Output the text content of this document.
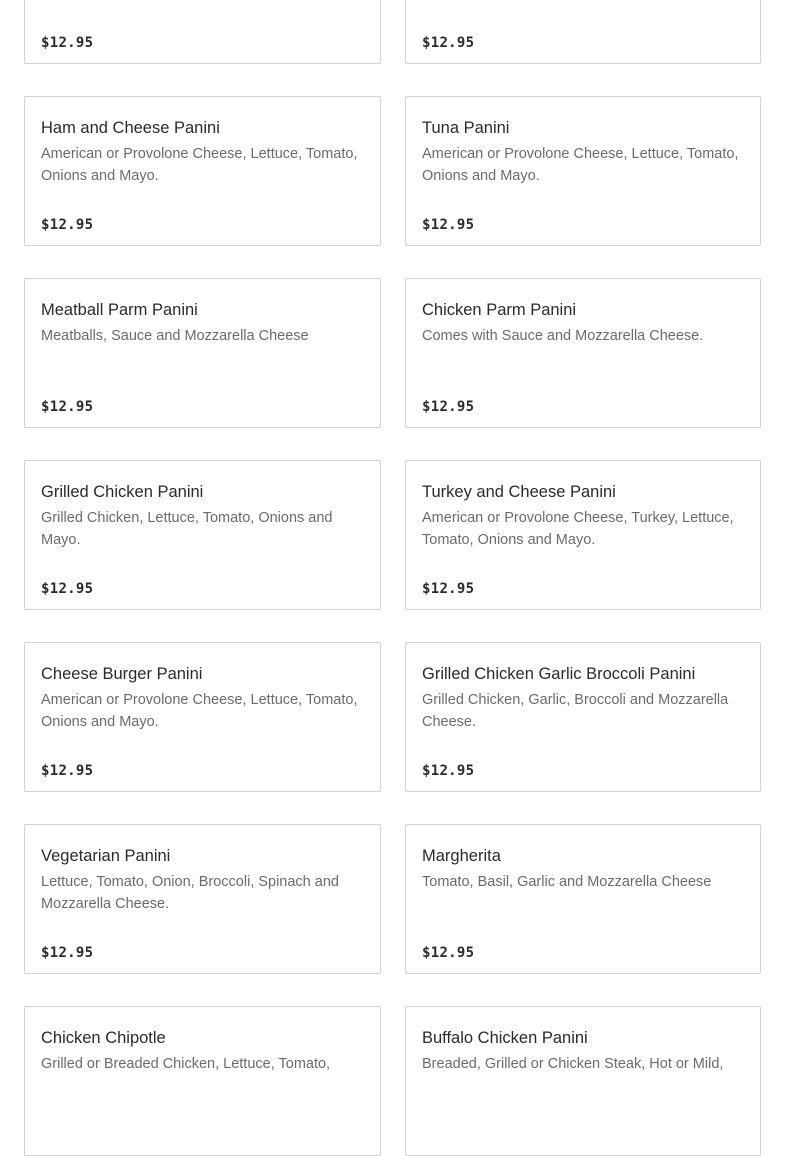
$12.95	$12.95
Ham and Cheese Panini
American or Provolone Cheese, Lettuce, Tomato, Onions and Mayo.
$12.95
Tuna Panini
American or Provolone Cheese, Lettuce, Tomato, Onions and Mayo.
$12.95
Meatball Parm Panini
Meatballs, Sauce and Mozzarella Cheese
$12.95
Chicken Parm Panini
Comes with Sauce and Mozzarella Cheese.
$12.95
Grilled Chicken Panini
Grilled Chicken, Lettuce, Tomato, Onions and Mayo.
$12.95
Turkey and Cheese Panini
American or Provolone Cheese, Turkey, Lettuce, Tomato, Onions and Mayo.
$12.95
Cheese Burger Panini
American or Provolone Cheese, Lettuce, Tomato, Onions and Mayo.
$12.95
Grilled Chicken Garlic Broccoli Panini
Grilled Chicken, Garlic, Broccoli and Mozzarella Cheese.
$12.95
Vegetarian Panini
Lettuce, Tomato, Onion, Broccoli, Spinach and Mozzarella Cheese.
$12.95
Margherita
Tomato, Basil, Garlic and Mozzarella Cheese
$12.95
Chicken Chipotle
Grilled or Breaded Chicken, Lettuce, Tomato,
Buffalo Chicken Panini
Breaded, Grilled or Chicken Steak, Hot or Mild,
